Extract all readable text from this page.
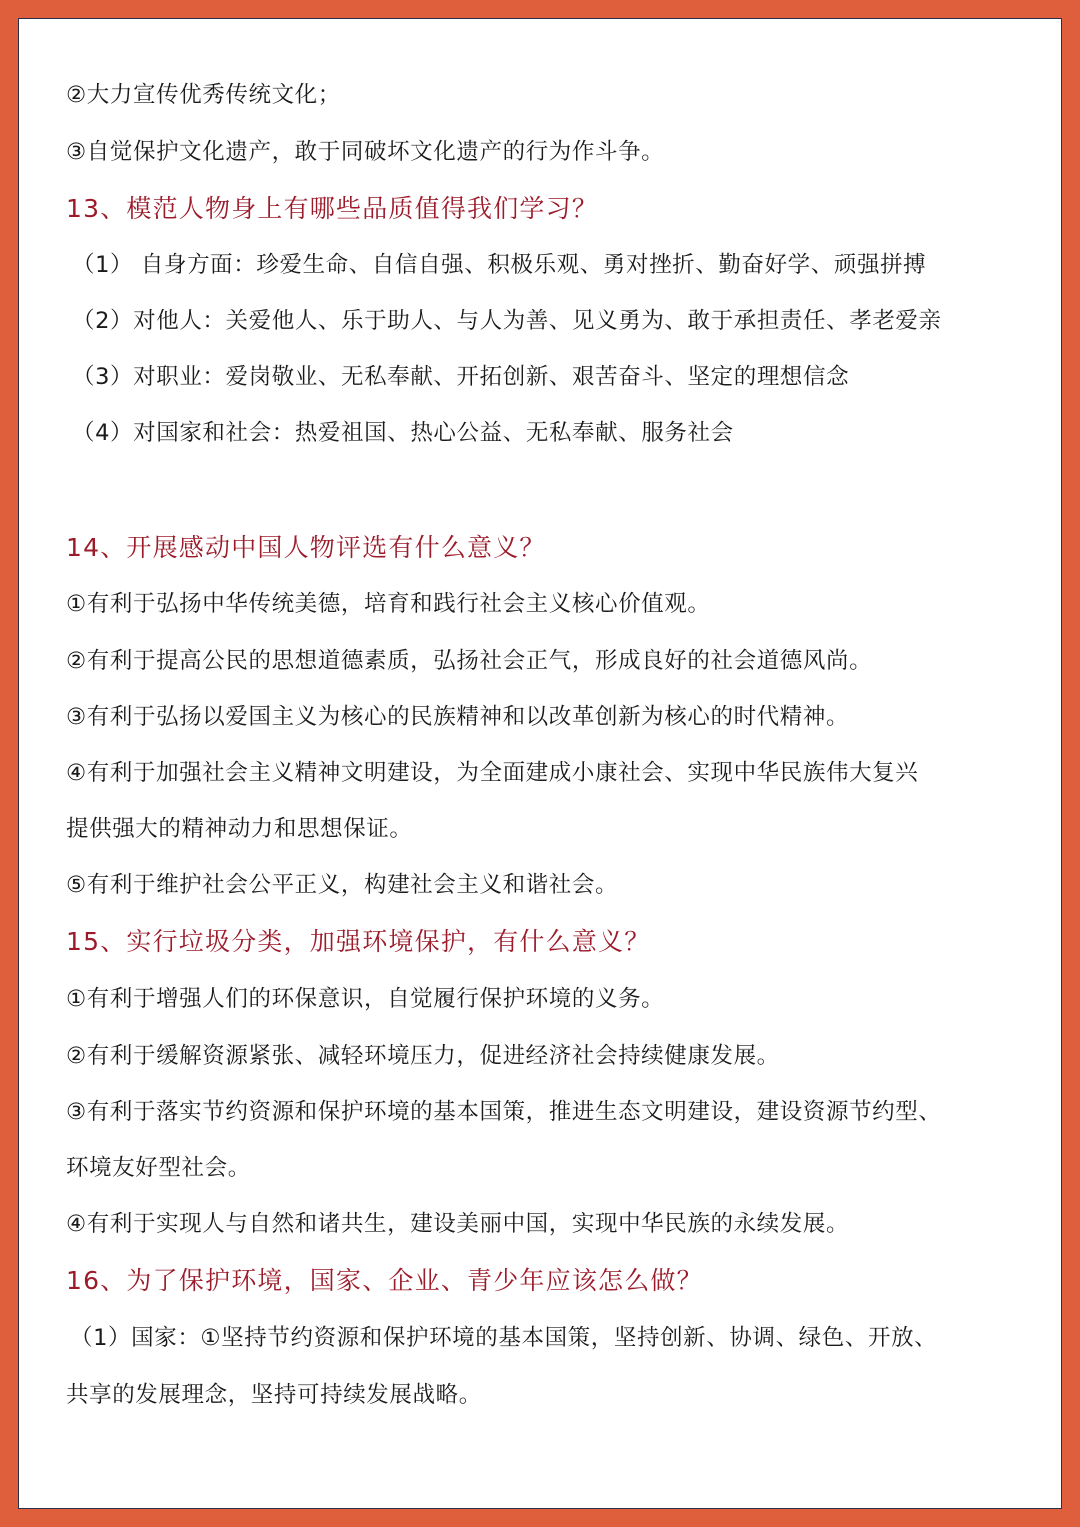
②大力宣传优秀传统文化；
③自觉保护文化遗产，敢于同破坏文化遗产的行为作斗争。
13、模范人物身上有哪些品质值得我们学习？
（1） 自身方面：珍爱生命、自信自强、积极乐观、勇对挫折、勤奋好学、顽强拼搏
（2）对他人：关爱他人、乐于助人、与人为善、见义勇为、敢于承担责任、孝老爱亲
（3）对职业：爱岗敬业、无私奉献、开拓创新、艰苦奋斗、坚定的理想信念
（4）对国家和社会：热爱祖国、热心公益、无私奉献、服务社会
14、开展感动中国人物评选有什么意义？
①有利于弘扬中华传统美德，培育和践行社会主义核心价值观。
②有利于提高公民的思想道德素质，弘扬社会正气，形成良好的社会道德风尚。
③有利于弘扬以爱国主义为核心的民族精神和以改革创新为核心的时代精神。
④有利于加强社会主义精神文明建设，为全面建成小康社会、实现中华民族伟大复兴
提供强大的精神动力和思想保证。
⑤有利于维护社会公平正义，构建社会主义和谐社会。
15、实行垃圾分类，加强环境保护，有什么意义？
①有利于增强人们的环保意识，自觉履行保护环境的义务。
②有利于缓解资源紧张、减轻环境压力，促进经济社会持续健康发展。
③有利于落实节约资源和保护环境的基本国策，推进生态文明建设，建设资源节约型、
环境友好型社会。
④有利于实现人与自然和诸共生，建设美丽中国，实现中华民族的永续发展。
16、为了保护环境，国家、企业、青少年应该怎么做？
（1）国家：①坚持节约资源和保护环境的基本国策，坚持创新、协调、绿色、开放、
共享的发展理念，坚持可持续发展战略。
